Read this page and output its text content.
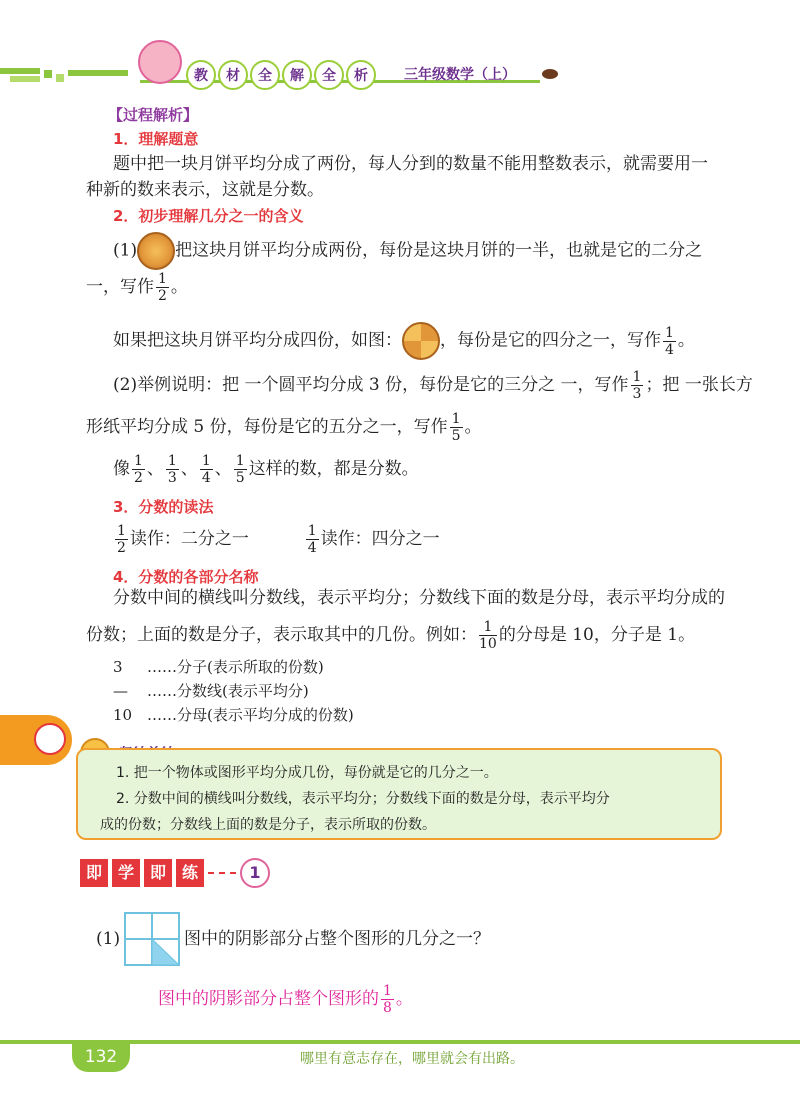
教	材	全	解	全	析	三年级数学（上）
【过程解析】
1．理解题意
题中把一块月饼平均分成了两份，每人分到的数量不能用整数表示，就需要用一
种新的数来表示，这就是分数。
2．初步理解几分之一的含义
(1) 把这块月饼平均分成两份，每份是这块月饼的一半，也就是它的二分之
一，写作 $\frac{1}{2}$ 。
如果把这块月饼平均分成四份，如图： ，每份是它的四分之一，写作 $\frac{1}{4}$ 。
(2)举例说明：把 一个圆平均分成 3 份，每份是它的三分之 一，写作 $\frac{1}{3}$ ；把 一张长方
形纸平均分成 5 份，每份是它的五分之一，写作 $\frac{1}{5}$ 。
像 $\frac{1}{2}$ 、 $\frac{1}{3}$ 、 $\frac{1}{4}$ 、 $\frac{1}{5}$ 这样的数，都是分数。
3．分数的读法
$\frac{1}{2}$ 读作：二分之一	$\frac{1}{4}$ 读作：四分之一
4．分数的各部分名称
分数中间的横线叫分数线，表示平均分；分数线下面的数是分母，表示平均分成的
份数；上面的数是分子，表示取其中的几份。例如： $\frac{1}{10}$ 的分母是 10，分子是 1。
3 ……分子(表示所取的份数)
— ……分数线(表示平均分)
10 ……分母(表示平均分成的份数)
1. 把一个物体或图形平均分成几份，每份就是它的几分之一。
2. 分数中间的横线叫分数线，表示平均分；分数线下面的数是分母，表示平均分
成的份数；分数线上面的数是分子，表示所取的份数。
即 学 即 练	1
(1)	图中的阴影部分占整个图形的几分之一？
图中的阴影部分占整个图形的 $\frac{1}{8}$ 。
132	哪里有意志存在，哪里就会有出路。
